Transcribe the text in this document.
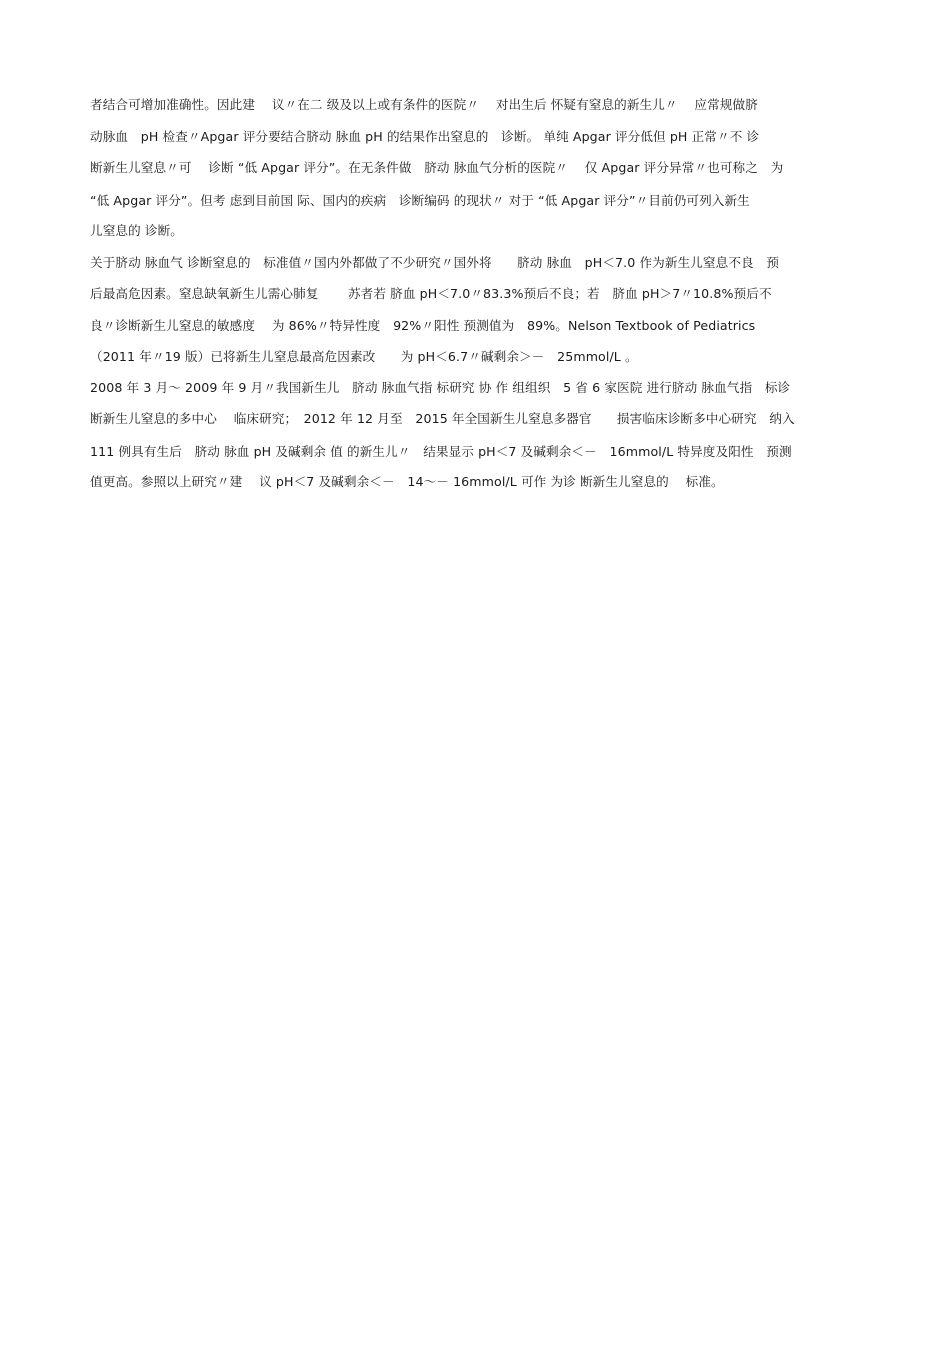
者结合可增加准确性。因此建　 议〃在二 级及以上或有条件的医院〃　 对出生后 怀疑有窒息的新生儿〃　 应常规做脐
动脉血　pH 检查〃Apgar 评分要结合脐动 脉血 pH 的结果作出窒息的　诊断。 单纯 Apgar 评分低但 pH 正常〃不 诊
断新生儿窒息〃可　 诊断 “低 Apgar 评分”。在无条件做　脐动 脉血气分析的医院〃　 仅 Apgar 评分异常〃也可称之　为
“低 Apgar 评分”。但考 虑到目前国 际、国内的疾病　诊断编码 的现状〃 对于 “低 Apgar 评分”〃目前仍可列入新生
儿窒息的 诊断。
关于脐动 脉血气 诊断窒息的　标准值〃国内外都做了不少研究〃国外将　　脐动 脉血　pH＜7.0 作为新生儿窒息不良　预
后最高危因素。窒息缺氧新生儿需心肺复　　 苏者若 脐血 pH＜7.0〃83.3%预后不良；若　脐血 pH＞7〃10.8%预后不
良〃诊断新生儿窒息的敏感度　 为 86%〃特异性度　92%〃阳性 预测值为　89%。Nelson Textbook of Pediatrics
（2011 年〃19 版）已将新生儿窒息最高危因素改　　为 pH＜6.7〃碱剩余＞－　25mmol/L 。
2008 年 3 月～ 2009 年 9 月〃我国新生儿　脐动 脉血气指 标研究 协 作 组组织　5 省 6 家医院 进行脐动 脉血气指　标诊
断新生儿窒息的多中心　 临床研究；　2012 年 12 月至　2015 年全国新生儿窒息多器官　　损害临床诊断多中心研究　纳入
111 例具有生后　脐动 脉血 pH 及碱剩余 值 的新生儿〃　结果显示 pH＜7 及碱剩余＜－　16mmol/L 特异度及阳性　预测
值更高。参照以上研究〃建　 议 pH＜7 及碱剩余＜－　14～－ 16mmol/L 可作 为诊 断新生儿窒息的　 标准。
